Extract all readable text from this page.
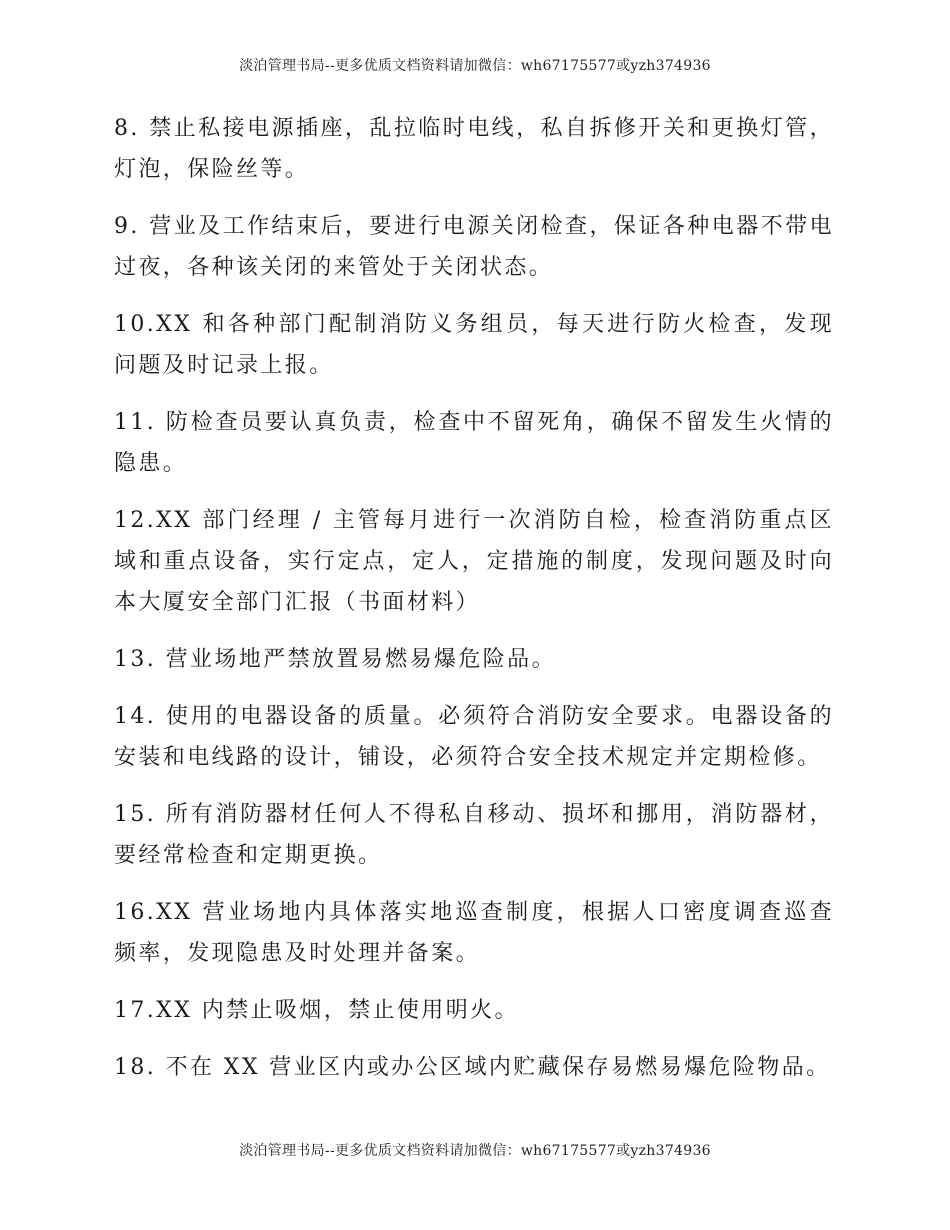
淡泊管理书局--更多优质文档资料请加微信：wh67175577或yzh374936

8. 禁止私接电源插座，乱拉临时电线，私自拆修开关和更换灯管，灯泡，保险丝等。

9. 营业及工作结束后，要进行电源关闭检查，保证各种电器不带电过夜，各种该关闭的来管处于关闭状态。

10.XX 和各种部门配制消防义务组员，每天进行防火检查，发现问题及时记录上报。

11. 防检查员要认真负责，检查中不留死角，确保不留发生火情的隐患。

12.XX 部门经理 / 主管每月进行一次消防自检，检查消防重点区域和重点设备，实行定点，定人，定措施的制度，发现问题及时向本大厦安全部门汇报（书面材料）

13. 营业场地严禁放置易燃易爆危险品。

14. 使用的电器设备的质量。必须符合消防安全要求。电器设备的安装和电线路的设计，铺设，必须符合安全技术规定并定期检修。

15. 所有消防器材任何人不得私自移动、损坏和挪用，消防器材，要经常检查和定期更换。

16.XX 营业场地内具体落实地巡查制度，根据人口密度调查巡查频率，发现隐患及时处理并备案。

17.XX 内禁止吸烟，禁止使用明火。

18. 不在 XX 营业区内或办公区域内贮藏保存易燃易爆危险物品。

淡泊管理书局--更多优质文档资料请加微信：wh67175577或yzh374936
